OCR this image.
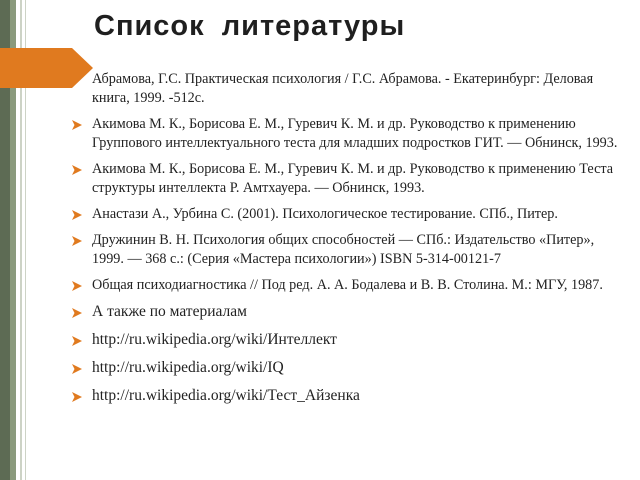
Список литературы
Абрамова, Г.С. Практическая психология / Г.С. Абрамова. - Екатеринбург: Деловая книга, 1999. -512с.
Акимова М. К., Борисова Е. М., Гуревич К. М. и др. Руководство к применению Группового интеллектуального теста для младших подростков ГИТ. — Обнинск, 1993.
Акимова М. К., Борисова Е. М., Гуревич К. М. и др. Руководство к применению Теста структуры интеллекта Р. Амтхауера. — Обнинск, 1993.
Анастази А., Урбина С. (2001). Психологическое тестирование. СПб., Питер.
Дружинин В. Н. Психология общих способностей — СПб.: Издательство «Питер», 1999. — 368 с.: (Серия «Мастера психологии») ISBN 5-314-00121-7
Общая психодиагностика // Под ред. А. А. Бодалева и В. В. Столина. М.: МГУ, 1987.
А также по материалам
http://ru.wikipedia.org/wiki/Интеллект
http://ru.wikipedia.org/wiki/IQ
http://ru.wikipedia.org/wiki/Тест_Айзенка
